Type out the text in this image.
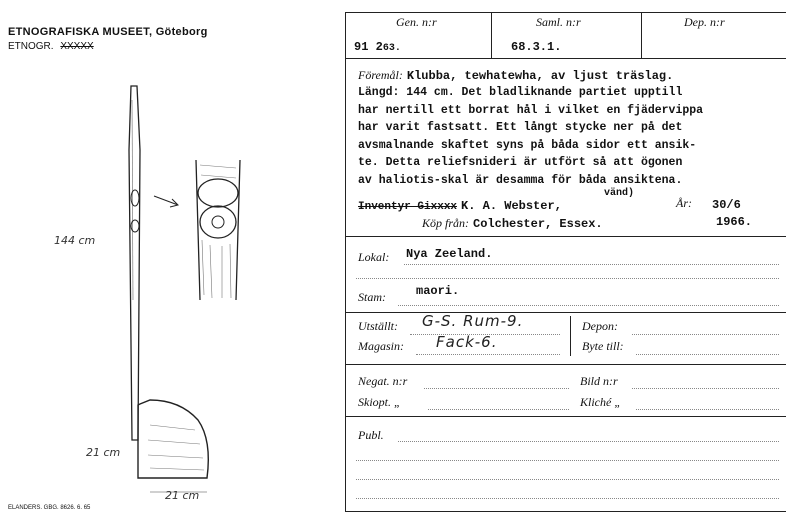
ETNOGRAFISKA MUSEET, Göteborg
ETNOGR. XXXXX
144 cm
21 cm
21 cm
ELANDERS. GBG. 8626. 6. 65
Gen. n:r	Saml. n:r	Dep. n:r
91 263.	68.3.1.
Föremål: Klubba, tewhatewha, av ljust träslag.
Längd: 144 cm. Det bladliknande partiet upptill
har nertill ett borrat hål i vilket en fjädervippa
har varit fastsatt. Ett långt stycke ner på det
avsmalnande skaftet syns på båda sidor ett ansik-
te. Detta reliefsnideri är utfört så att ögonen
av haliotis-skal är desamma för båda ansiktena.
vänd)
Inventyr Gixxxx K. A. Webster,	År: 30/6
1966.
Köp från: Colchester, Essex.
Lokal: Nya Zeeland.
Stam:	maori.
Utställt: G-S. Rum-9.
Magasin: Fack-6.
Depon:
Byte till:
Negat. n:r	Bild n:r
Skiopt. „	Kliché „
Publ.
